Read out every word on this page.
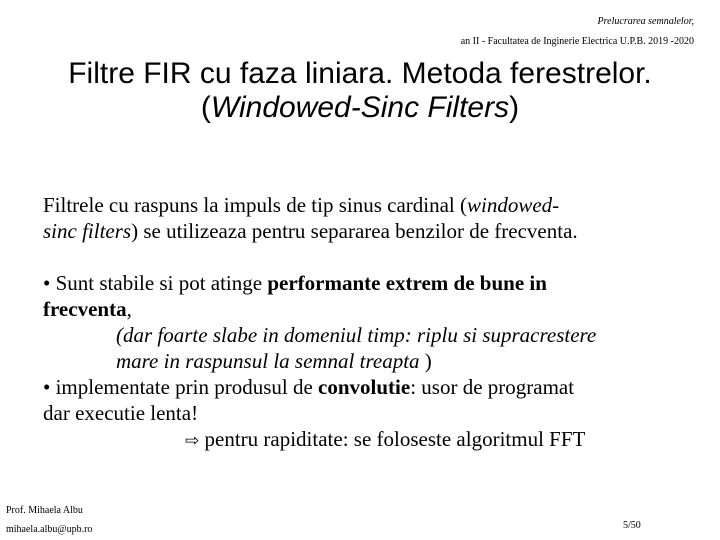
Prelucrarea semnalelor,
an II - Facultatea de Inginerie Electrica U.P.B. 2019 -2020
Filtre FIR cu faza liniara. Metoda ferestrelor.
(Windowed-Sinc Filters)

Filtrele cu raspuns la impuls de tip sinus cardinal (windowed-

sinc filters) se utilizeaza pentru separarea benzilor de frecventa.

• Sunt stabile si pot atinge performante extrem de bune in

frecventa,

(dar foarte slabe in domeniul timp: riplu si supracrestere

mare in raspunsul la semnal treapta )

• implementate prin produsul de convolutie: usor de programat

dar executie lenta!

⇨ pentru rapiditate: se foloseste algoritmul FFT

Prof. Mihaela Albu
mihaela.albu@upb.ro	5/50
